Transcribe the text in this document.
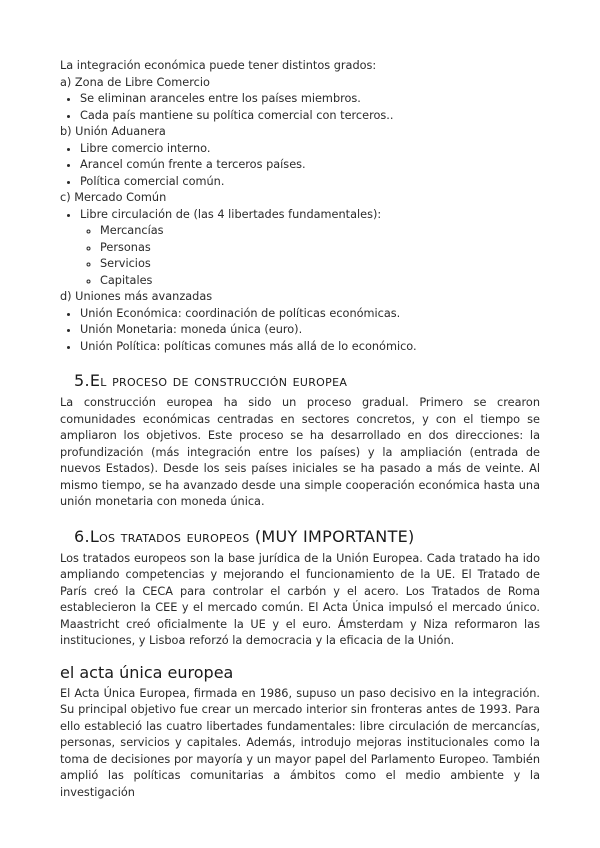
La integración económica puede tener distintos grados:

a) Zona de Libre Comercio

• Se eliminan aranceles entre los países miembros.
• Cada país mantiene su política comercial con terceros..

b) Unión Aduanera

• Libre comercio interno.
• Arancel común frente a terceros países.
• Política comercial común.

c) Mercado Común

• Libre circulación de (las 4 libertades fundamentales):
◦ Mercancías
◦ Personas
◦ Servicios
◦ Capitales

d) Uniones más avanzadas

• Unión Económica: coordinación de políticas económicas.
• Unión Monetaria: moneda única (euro).
• Unión Política: políticas comunes más allá de lo económico.
5.El proceso de construcción europea

La construcción europea ha sido un proceso gradual. Primero se crearon comunidades económicas centradas en sectores concretos, y con el tiempo se ampliaron los objetivos. Este proceso se ha desarrollado en dos direcciones: la profundización (más integración entre los países) y la ampliación (entrada de nuevos Estados). Desde los seis países iniciales se ha pasado a más de veinte. Al mismo tiempo, se ha avanzado desde una simple cooperación económica hasta una unión monetaria con moneda única.

6.Los tratados europeos (MUY IMPORTANTE)

Los tratados europeos son la base jurídica de la Unión Europea. Cada tratado ha ido ampliando competencias y mejorando el funcionamiento de la UE. El Tratado de París creó la CECA para controlar el carbón y el acero. Los Tratados de Roma establecieron la CEE y el mercado común. El Acta Única impulsó el mercado único. Maastricht creó oficialmente la UE y el euro. Ámsterdam y Niza reformaron las instituciones, y Lisboa reforzó la democracia y la eficacia de la Unión.

el acta única europea

El Acta Única Europea, firmada en 1986, supuso un paso decisivo en la integración. Su principal objetivo fue crear un mercado interior sin fronteras antes de 1993. Para ello estableció las cuatro libertades fundamentales: libre circulación de mercancías, personas, servicios y capitales. Además, introdujo mejoras institucionales como la toma de decisiones por mayoría y un mayor papel del Parlamento Europeo. También amplió las políticas comunitarias a ámbitos como el medio ambiente y la investigación
